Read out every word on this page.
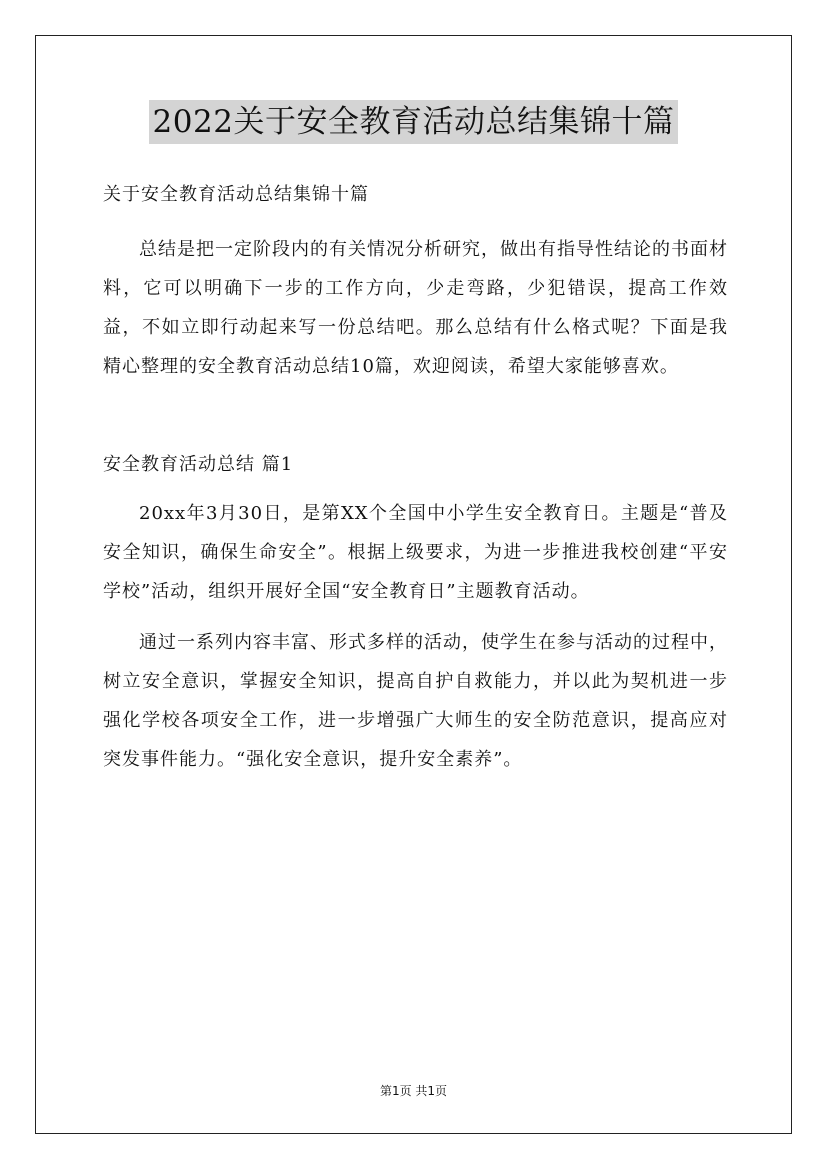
2022关于安全教育活动总结集锦十篇

关于安全教育活动总结集锦十篇

总结是把一定阶段内的有关情况分析研究，做出有指导性结论的书面材料，它可以明确下一步的工作方向，少走弯路，少犯错误，提高工作效益，不如立即行动起来写一份总结吧。那么总结有什么格式呢？下面是我精心整理的安全教育活动总结10篇，欢迎阅读，希望大家能够喜欢。

安全教育活动总结 篇1

20xx年3月30日，是第XX个全国中小学生安全教育日。主题是“普及安全知识，确保生命安全”。根据上级要求，为进一步推进我校创建“平安学校”活动，组织开展好全国“安全教育日”主题教育活动。

通过一系列内容丰富、形式多样的活动，使学生在参与活动的过程中，树立安全意识，掌握安全知识，提高自护自救能力，并以此为契机进一步强化学校各项安全工作，进一步增强广大师生的安全防范意识，提高应对突发事件能力。“强化安全意识，提升安全素养”。

第1页 共1页
